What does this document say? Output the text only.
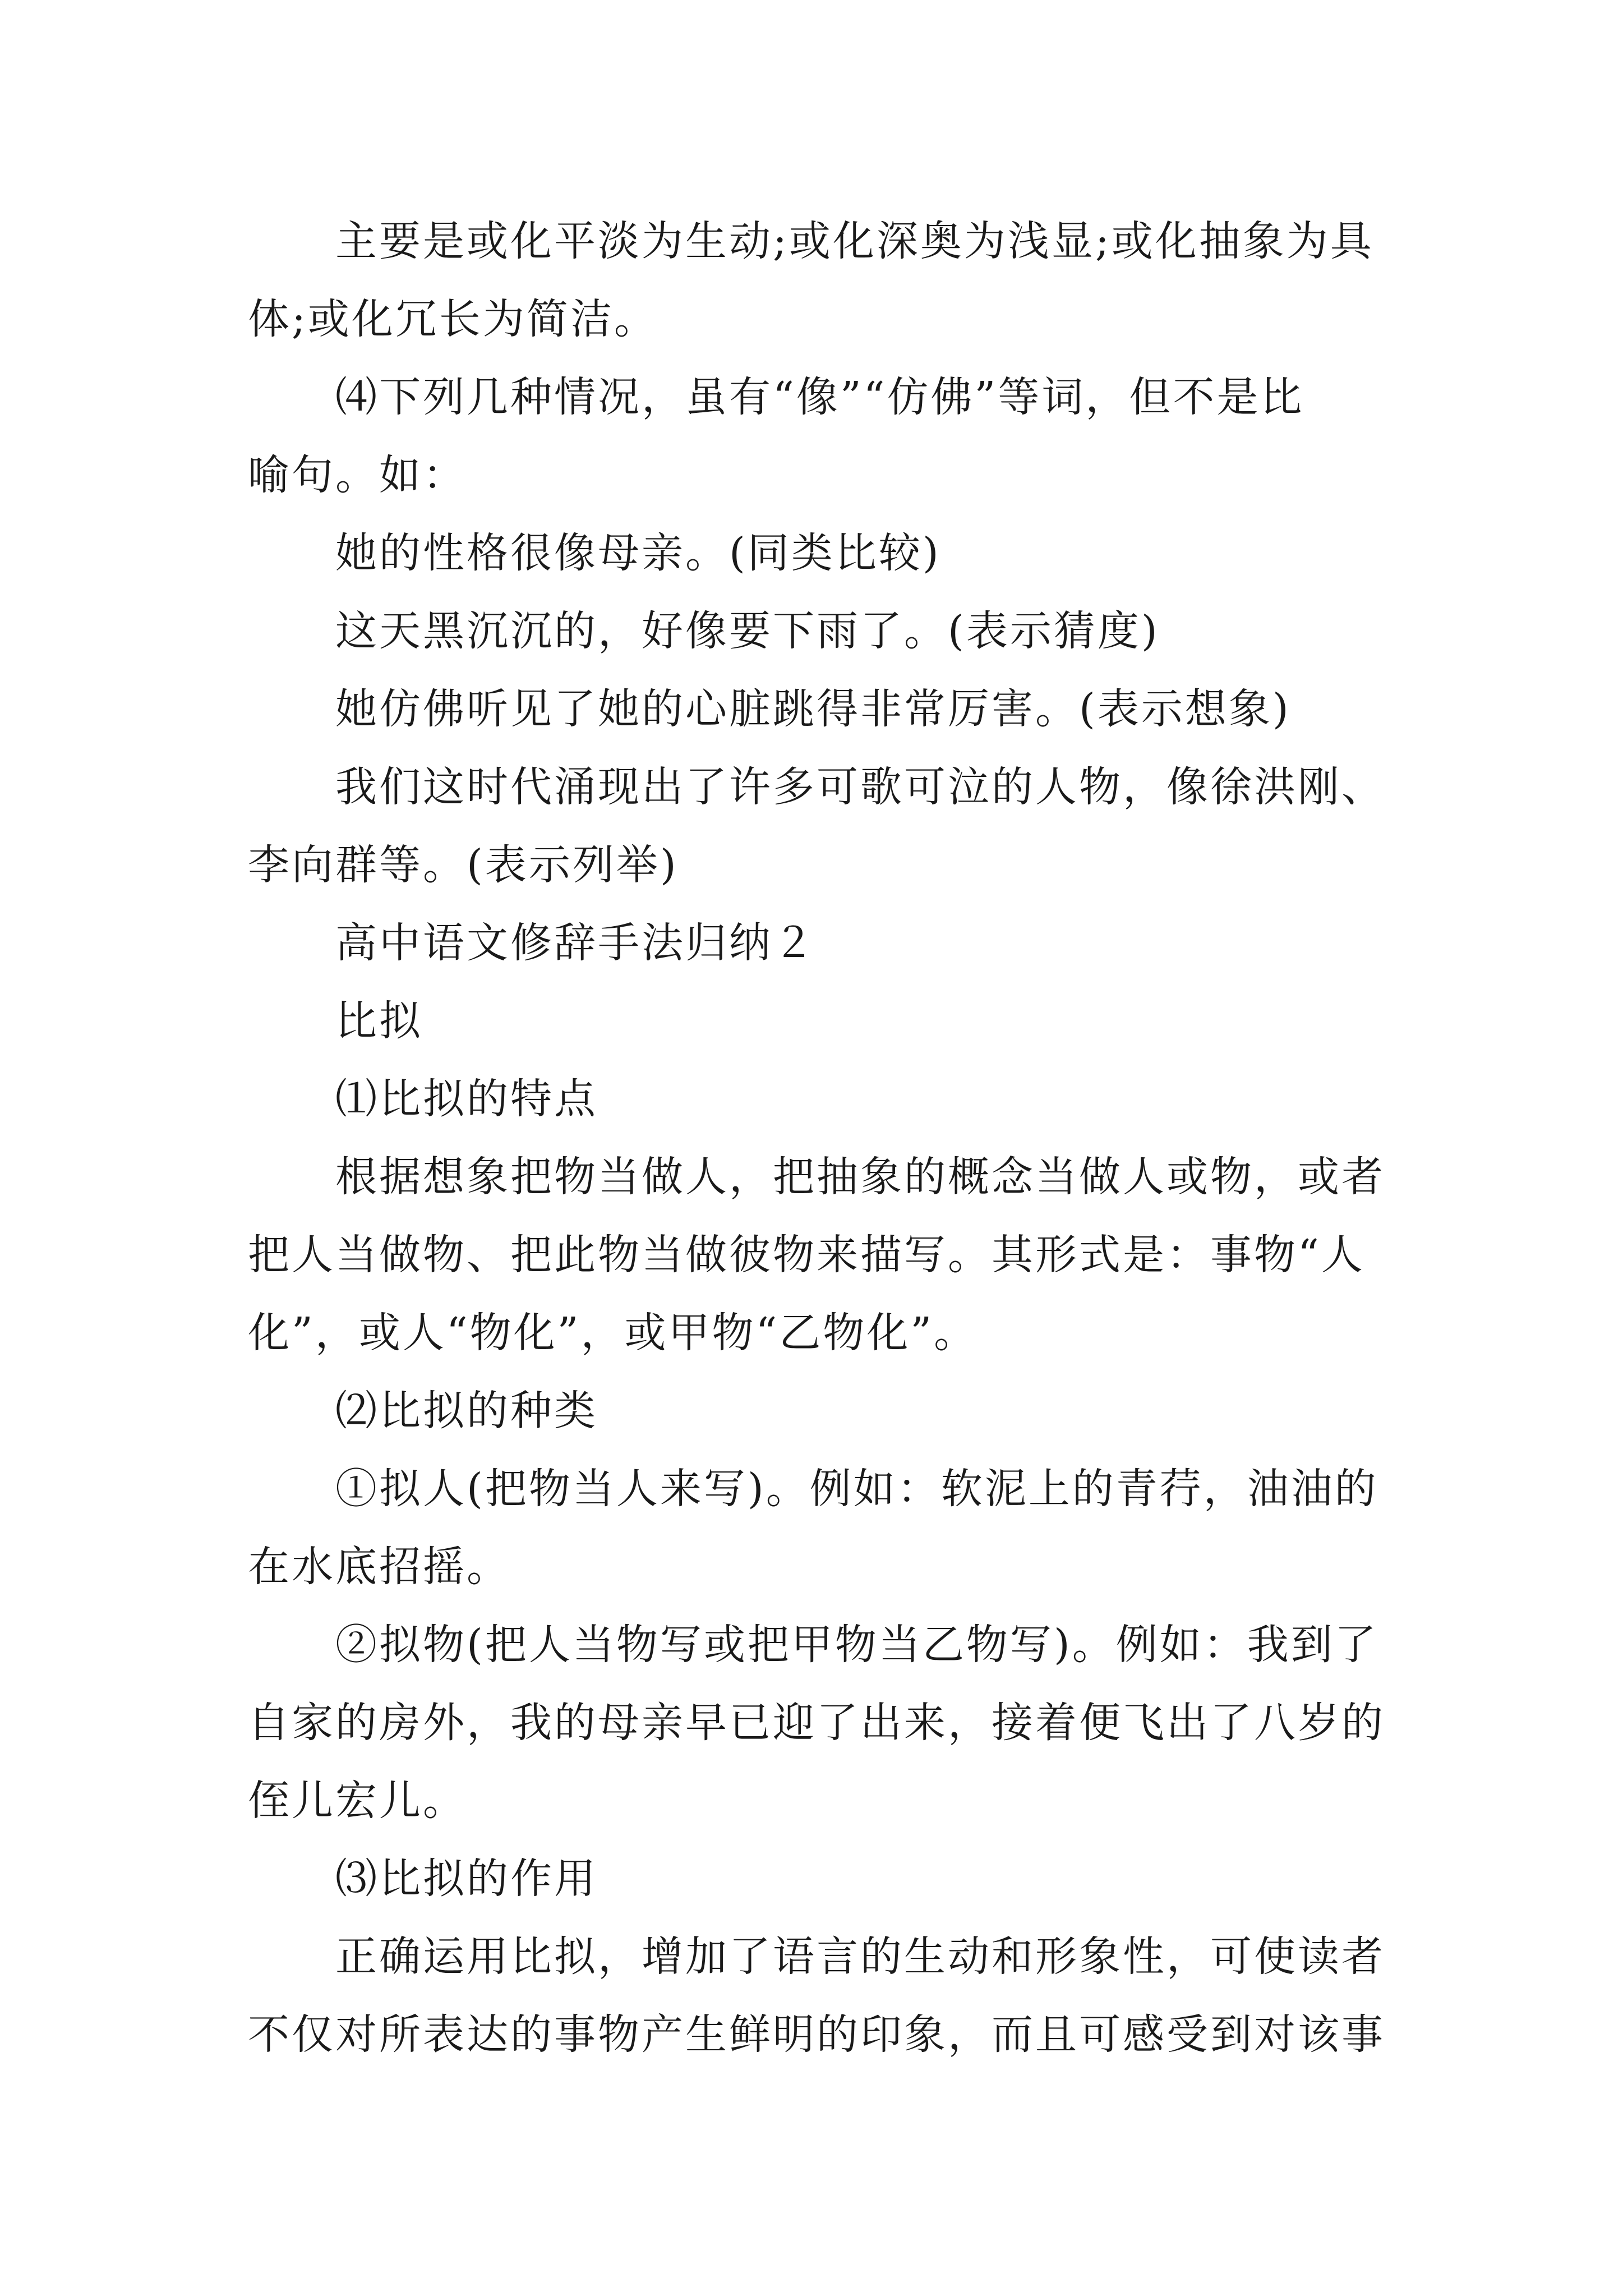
主要是或化平淡为生动;或化深奥为浅显;或化抽象为具
体;或化冗长为简洁。
⑷下列几种情况，虽有“像”“仿佛”等词，但不是比
喻句。如：
她的性格很像母亲。(同类比较)
这天黑沉沉的，好像要下雨了。(表示猜度)
她仿佛听见了她的心脏跳得非常厉害。(表示想象)
我们这时代涌现出了许多可歌可泣的人物，像徐洪刚、
李向群等。(表示列举)
高中语文修辞手法归纳２
比拟
⑴比拟的特点
根据想象把物当做人，把抽象的概念当做人或物，或者
把人当做物、把此物当做彼物来描写。其形式是：事物“人
化”，或人“物化”，或甲物“乙物化”。
⑵比拟的种类
①拟人(把物当人来写)。例如：软泥上的青荇，油油的
在水底招摇。
②拟物(把人当物写或把甲物当乙物写)。例如：我到了
自家的房外，我的母亲早已迎了出来，接着便飞出了八岁的
侄儿宏儿。
⑶比拟的作用
正确运用比拟，增加了语言的生动和形象性，可使读者
不仅对所表达的事物产生鲜明的印象，而且可感受到对该事
